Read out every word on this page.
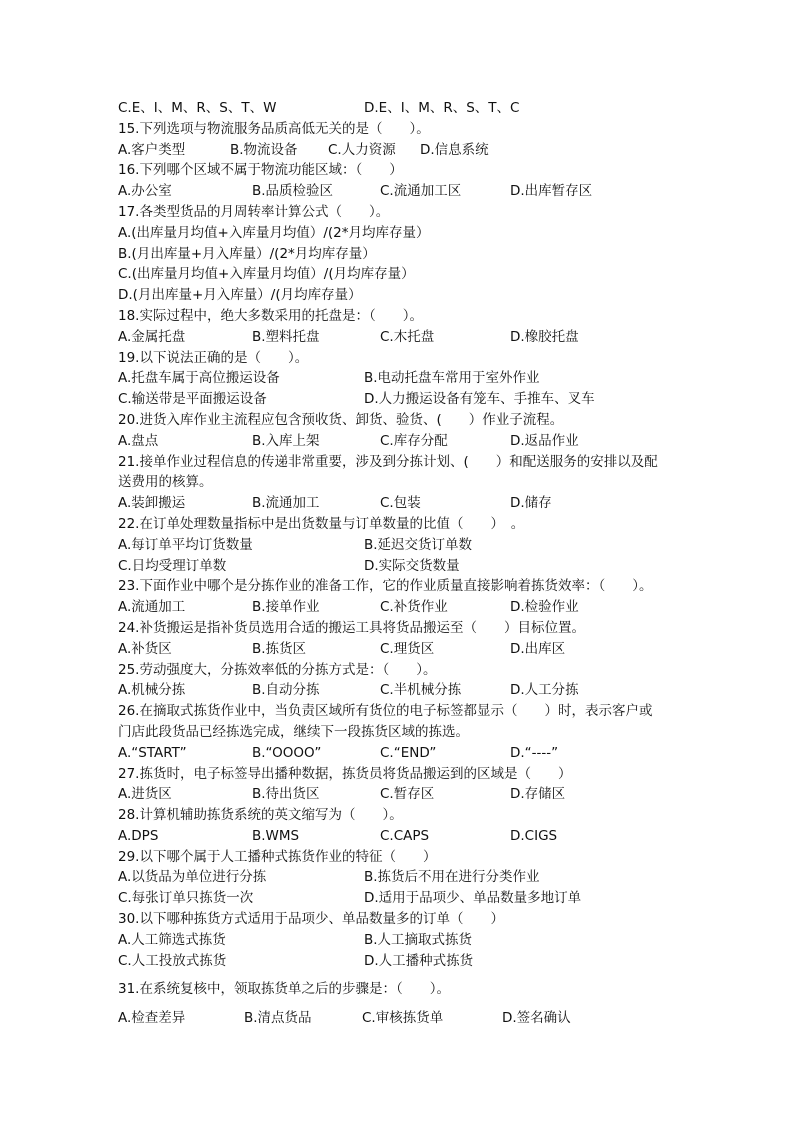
C.E、I、M、R、S、T、W	D.E、I、M、R、S、T、C
15.下列选项与物流服务品质高低无关的是（　　）。
A.客户类型	B.物流设备 C.人力资源 D.信息系统
16.下列哪个区域不属于物流功能区域：（　　）
A.办公室	B.品质检验区	C.流通加工区	D.出库暂存区
17.各类型货品的月周转率计算公式（　　）。
A.(出库量月均值+入库量月均值）/(2*月均库存量）
B.(月出库量+月入库量）/(2*月均库存量）
C.(出库量月均值+入库量月均值）/(月均库存量）
D.(月出库量+月入库量）/(月均库存量）
18.实际过程中，绝大多数采用的托盘是：（　　）。
A.金属托盘	B.塑料托盘	C.木托盘	D.橡胶托盘
19.以下说法正确的是（　　）。
A.托盘车属于高位搬运设备	B.电动托盘车常用于室外作业
C.输送带是平面搬运设备	D.人力搬运设备有笼车、手推车、叉车
20.进货入库作业主流程应包含预收货、卸货、验货、(　　）作业子流程。
A.盘点	B.入库上架	C.库存分配	D.返品作业
21.接单作业过程信息的传递非常重要，涉及到分拣计划、(　　）和配送服务的安排以及配
送费用的核算。
A.装卸搬运	B.流通加工	C.包装	D.储存
22.在订单处理数量指标中是出货数量与订单数量的比值（　　）　。
A.每订单平均订货数量	B.延迟交货订单数
C.日均受理订单数	D.实际交货数量
23.下面作业中哪个是分拣作业的准备工作，它的作业质量直接影响着拣货效率：（　　）。
A.流通加工	B.接单作业	C.补货作业	D.检验作业
24.补货搬运是指补货员选用合适的搬运工具将货品搬运至（　　）目标位置。
A.补货区	B.拣货区	C.理货区	D.出库区
25.劳动强度大，分拣效率低的分拣方式是：（　　）。
A.机械分拣	B.自动分拣	C.半机械分拣	D.人工分拣
26.在摘取式拣货作业中，当负责区域所有货位的电子标签都显示（　　）时，表示客户或
门店此段货品已经拣选完成，继续下一段拣货区域的拣选。
A.“START”	B.“OOOO”	C.“END”	D.“----”
27.拣货时，电子标签导出播种数据，拣货员将货品搬运到的区域是（　　）
A.进货区	B.待出货区	C.暂存区	D.存储区
28.计算机辅助拣货系统的英文缩写为（　　）。
A.DPS	B.WMS	C.CAPS	D.CIGS
29.以下哪个属于人工播种式拣货作业的特征（　　）
A.以货品为单位进行分拣	B.拣货后不用在进行分类作业
C.每张订单只拣货一次	D.适用于品项少、单品数量多地订单
30.以下哪种拣货方式适用于品项少、单品数量多的订单（　　）
A.人工筛选式拣货	B.人工摘取式拣货
C.人工投放式拣货	D.人工播种式拣货
31.在系统复核中，领取拣货单之后的步骤是：（　　）。
A.检查差异	B.清点货品	C.审核拣货单	D.签名确认
